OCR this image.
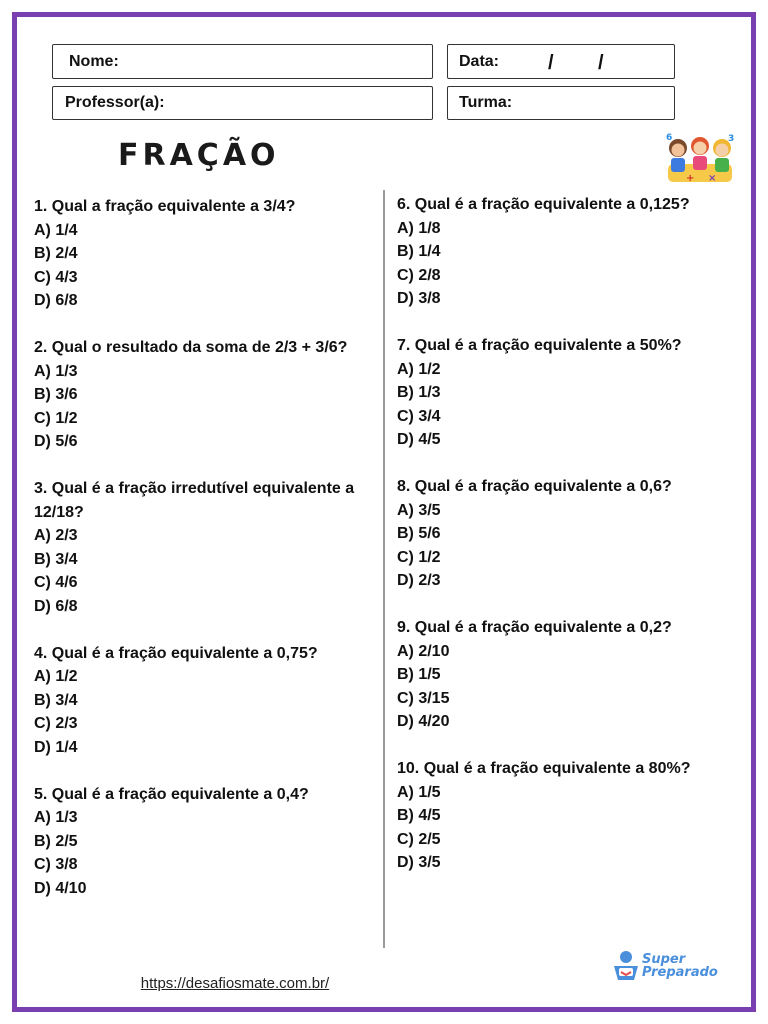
Nome:	Data: / /
Professor(a):	Turma:
FRAÇÃO	6	3
+ ×

1. Qual a fração equivalente a 3/4?

A) 1/4

B) 2/4

C) 4/3

D) 6/8

2. Qual o resultado da soma de 2/3 + 3/6?

A) 1/3

B) 3/6

C) 1/2

D) 5/6

3. Qual é a fração irredutível equivalente a 12/18?

A) 2/3

B) 3/4

C) 4/6

D) 6/8

4. Qual é a fração equivalente a 0,75?

A) 1/2

B) 3/4

C) 2/3

D) 1/4

5. Qual é a fração equivalente a 0,4?

A) 1/3

B) 2/5

C) 3/8

D) 4/10

6. Qual é a fração equivalente a 0,125?

A) 1/8

B) 1/4

C) 2/8

D) 3/8

7. Qual é a fração equivalente a 50%?

A) 1/2

B) 1/3

C) 3/4

D) 4/5

8. Qual é a fração equivalente a 0,6?

A) 3/5

B) 5/6

C) 1/2

D) 2/3

9. Qual é a fração equivalente a 0,2?

A) 2/10

B) 1/5

C) 3/15

D) 4/20

10. Qual é a fração equivalente a 80%?

A) 1/5

B) 4/5

C) 2/5

D) 3/5

https://desafiosmate.com.br/
Super
Preparado
